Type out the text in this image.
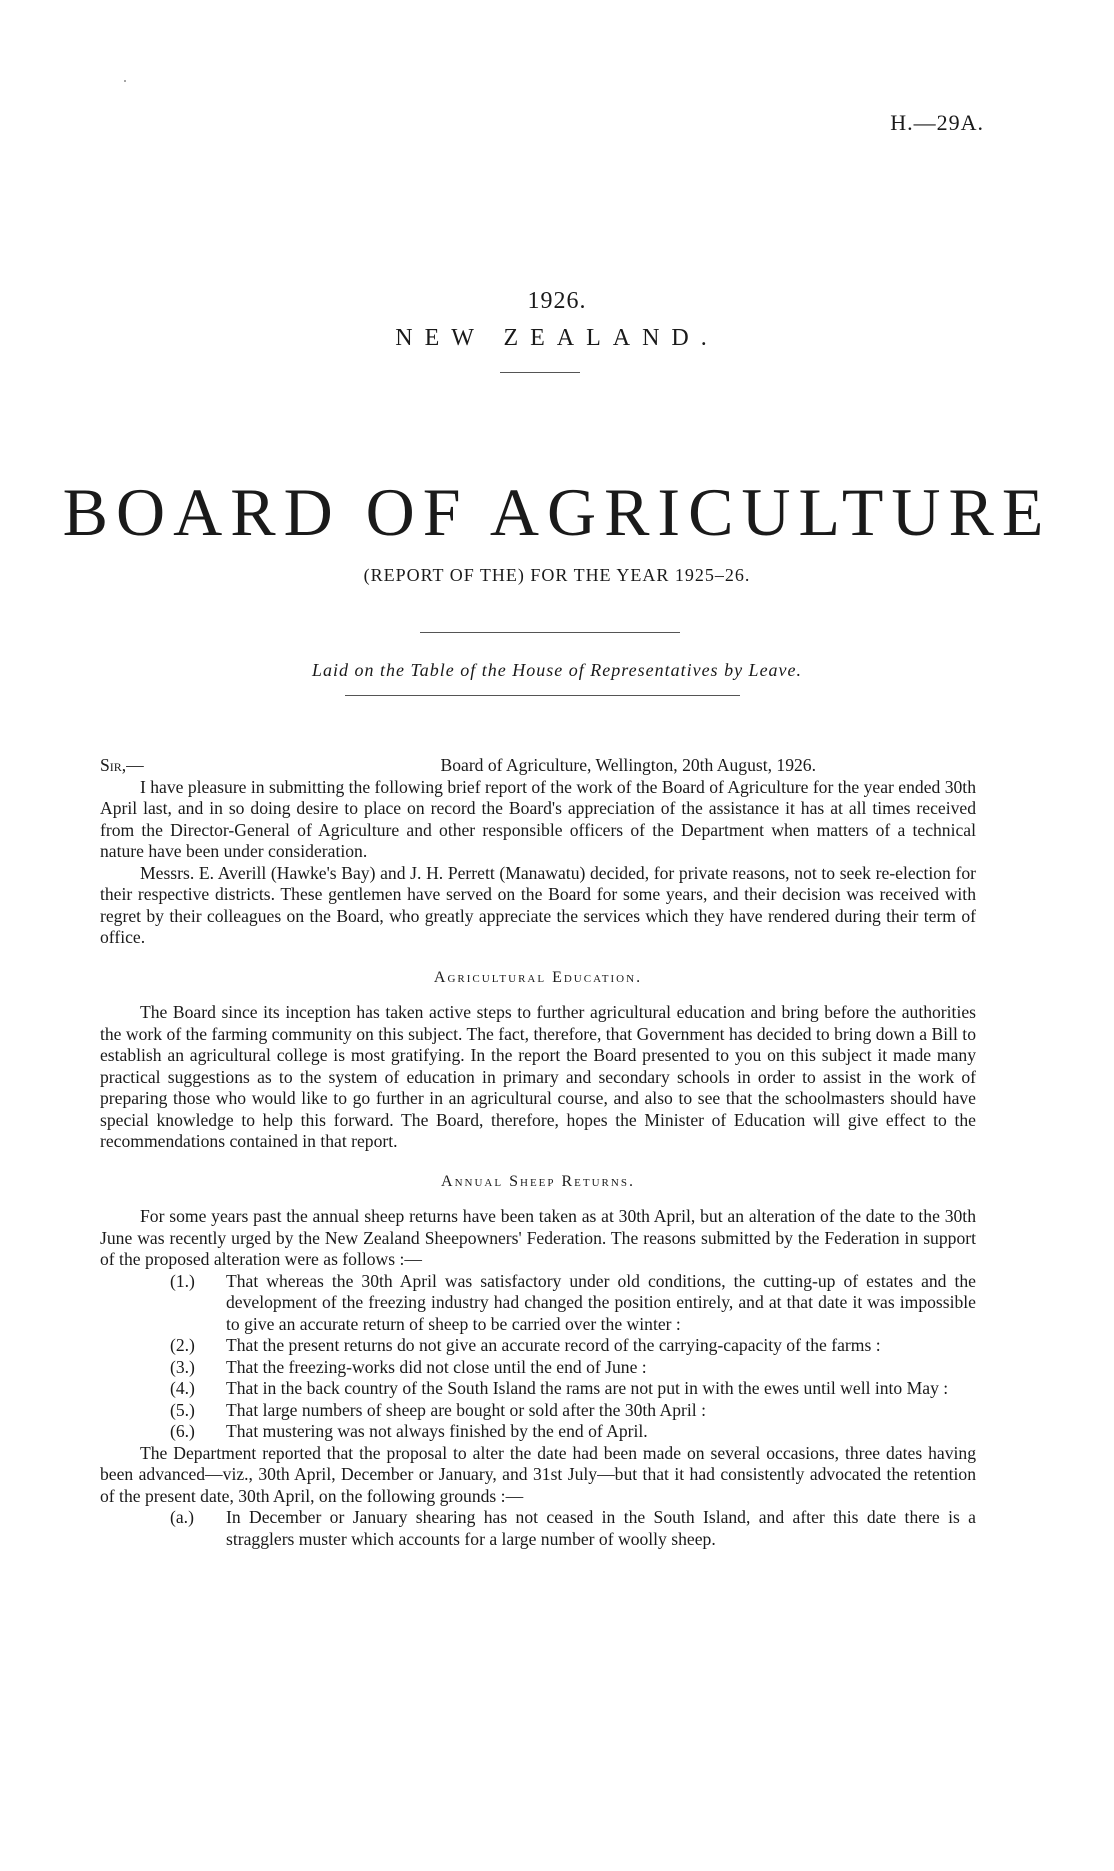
H.—29A.
1926.
NEW ZEALAND.
BOARD OF AGRICULTURE
(REPORT OF THE) FOR THE YEAR 1925–26.
Laid on the Table of the House of Representatives by Leave.
Sir,—	Board of Agriculture, Wellington, 20th August, 1926.

I have pleasure in submitting the following brief report of the work of the Board of Agriculture for the year ended 30th April last, and in so doing desire to place on record the Board's appreciation of the assistance it has at all times received from the Director-General of Agriculture and other responsible officers of the Department when matters of a technical nature have been under consideration.

Messrs. E. Averill (Hawke's Bay) and J. H. Perrett (Manawatu) decided, for private reasons, not to seek re-election for their respective districts. These gentlemen have served on the Board for some years, and their decision was received with regret by their colleagues on the Board, who greatly appreciate the services which they have rendered during their term of office.

Agricultural Education.

The Board since its inception has taken active steps to further agricultural education and bring before the authorities the work of the farming community on this subject. The fact, therefore, that Government has decided to bring down a Bill to establish an agricultural college is most gratifying. In the report the Board presented to you on this subject it made many practical suggestions as to the system of education in primary and secondary schools in order to assist in the work of preparing those who would like to go further in an agricultural course, and also to see that the schoolmasters should have special knowledge to help this forward. The Board, therefore, hopes the Minister of Education will give effect to the recommendations contained in that report.

Annual Sheep Returns.

For some years past the annual sheep returns have been taken as at 30th April, but an alteration of the date to the 30th June was recently urged by the New Zealand Sheepowners' Federation. The reasons submitted by the Federation in support of the proposed alteration were as follows :—

(1.)	That whereas the 30th April was satisfactory under old conditions, the cutting-up of estates and the development of the freezing industry had changed the position entirely, and at that date it was impossible to give an accurate return of sheep to be carried over the winter :
(2.)	That the present returns do not give an accurate record of the carrying-capacity of the farms :
(3.)	That the freezing-works did not close until the end of June :
(4.)	That in the back country of the South Island the rams are not put in with the ewes until well into May :
(5.)	That large numbers of sheep are bought or sold after the 30th April :
(6.)	That mustering was not always finished by the end of April.

The Department reported that the proposal to alter the date had been made on several occasions, three dates having been advanced—viz., 30th April, December or January, and 31st July—but that it had consistently advocated the retention of the present date, 30th April, on the following grounds :—

(a.)	In December or January shearing has not ceased in the South Island, and after this date there is a stragglers muster which accounts for a large number of woolly sheep.
